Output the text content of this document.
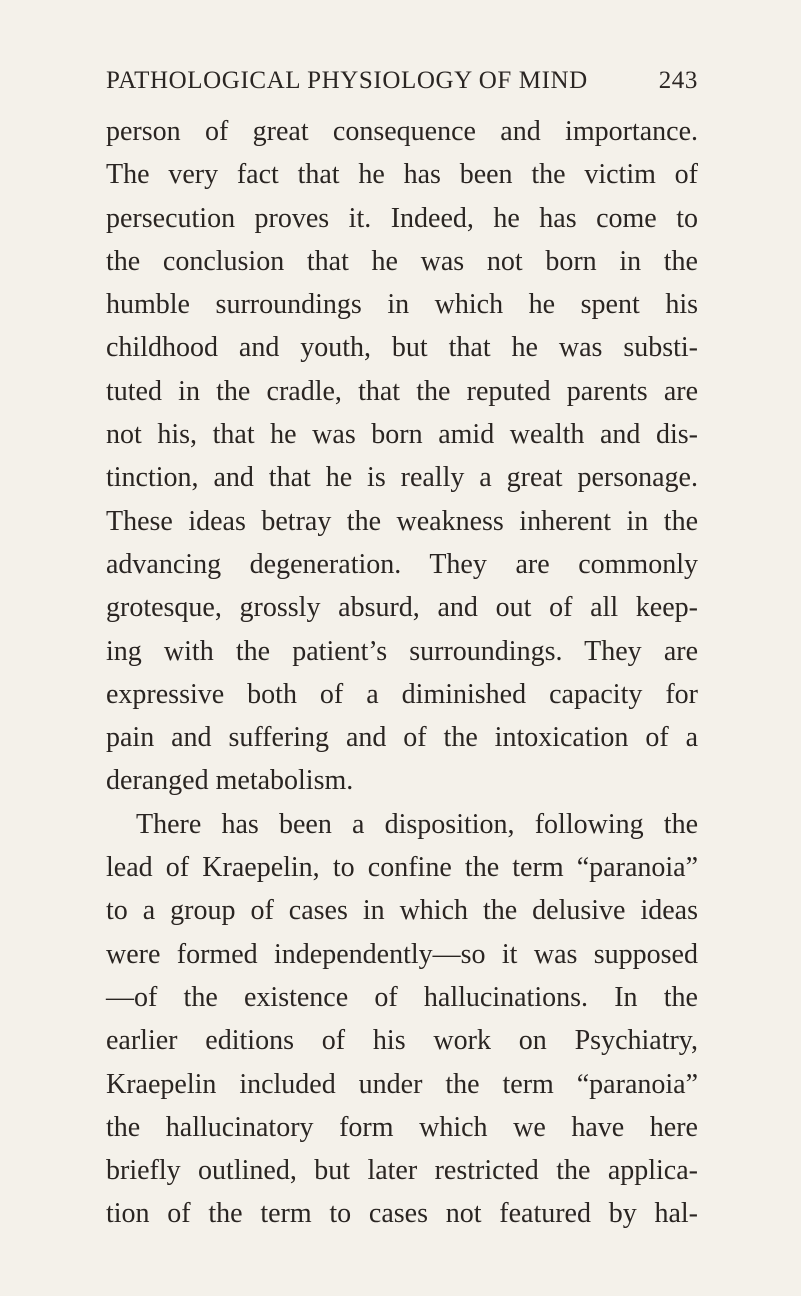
PATHOLOGICAL PHYSIOLOGY OF MIND	243
person of great consequence and importance.
The very fact that he has been the victim of
persecution proves it. Indeed, he has come to
the conclusion that he was not born in the
humble surroundings in which he spent his
childhood and youth, but that he was substi-
tuted in the cradle, that the reputed parents are
not his, that he was born amid wealth and dis-
tinction, and that he is really a great personage.
These ideas betray the weakness inherent in the
advancing degeneration. They are commonly
grotesque, grossly absurd, and out of all keep-
ing with the patient’s surroundings. They are
expressive both of a diminished capacity for
pain and suffering and of the intoxication of a
deranged metabolism.
There has been a disposition, following the
lead of Kraepelin, to confine the term “paranoia”
to a group of cases in which the delusive ideas
were formed independently—so it was supposed
—of the existence of hallucinations. In the
earlier editions of his work on Psychiatry,
Kraepelin included under the term “paranoia”
the hallucinatory form which we have here
briefly outlined, but later restricted the applica-
tion of the term to cases not featured by hal-
